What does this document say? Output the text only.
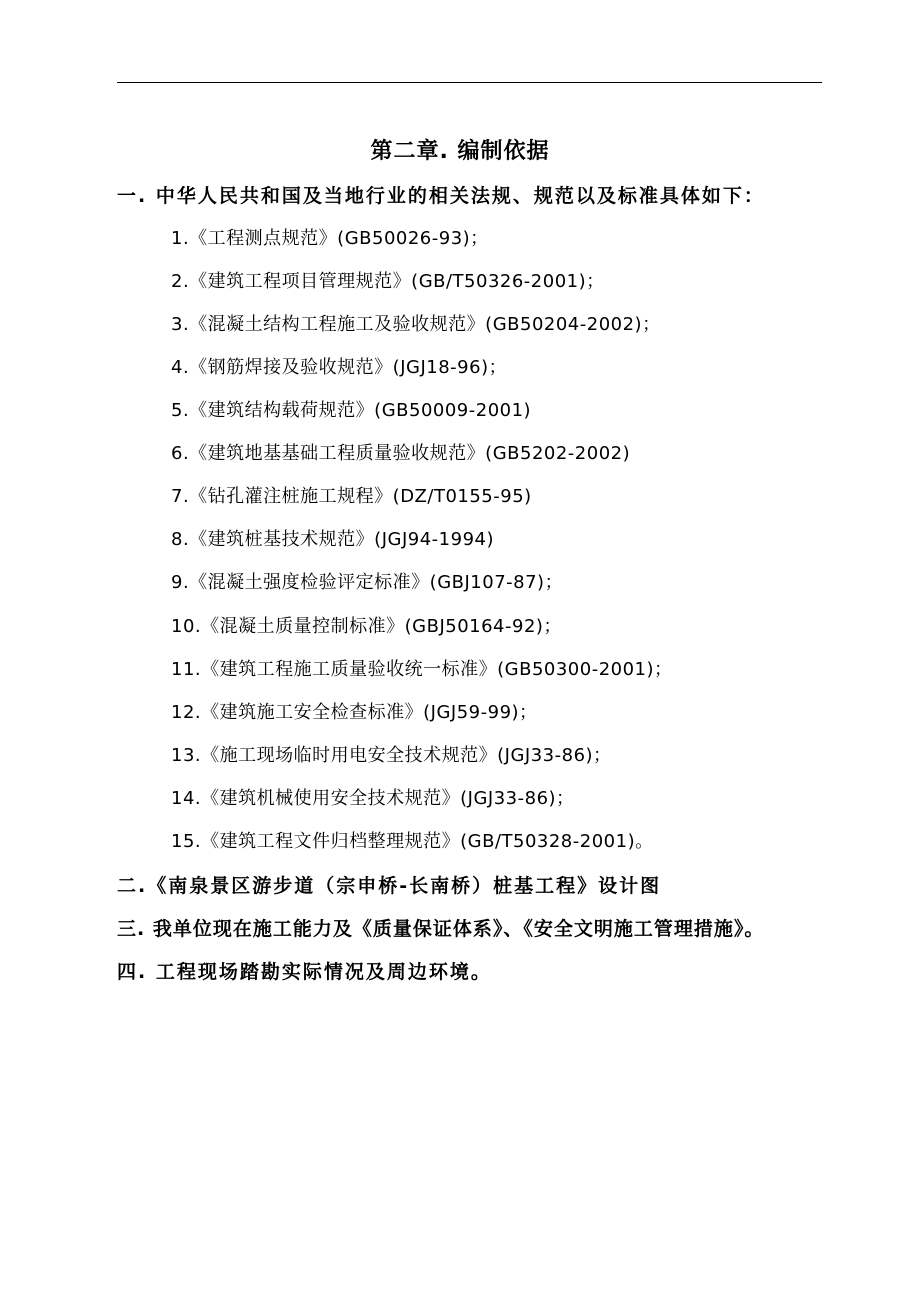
第二章. 编制依据
一. 中华人民共和国及当地行业的相关法规、规范以及标准具体如下：
1.《工程测点规范》(GB50026-93)；
2.《建筑工程项目管理规范》(GB/T50326-2001)；
3.《混凝土结构工程施工及验收规范》(GB50204-2002)；
4.《钢筋焊接及验收规范》(JGJ18-96)；
5.《建筑结构载荷规范》(GB50009-2001)
6.《建筑地基基础工程质量验收规范》(GB5202-2002)
7.《钻孔灌注桩施工规程》(DZ/T0155-95)
8.《建筑桩基技术规范》(JGJ94-1994)
9.《混凝土强度检验评定标准》(GBJ107-87)；
10.《混凝土质量控制标准》(GBJ50164-92)；
11.《建筑工程施工质量验收统一标准》(GB50300-2001)；
12.《建筑施工安全检查标准》(JGJ59-99)；
13.《施工现场临时用电安全技术规范》(JGJ33-86)；
14.《建筑机械使用安全技术规范》(JGJ33-86)；
15.《建筑工程文件归档整理规范》(GB/T50328-2001)。
二.《南泉景区游步道（宗申桥-长南桥）桩基工程》设计图
三. 我单位现在施工能力及《质量保证体系》、《安全文明施工管理措施》。
四. 工程现场踏勘实际情况及周边环境。
